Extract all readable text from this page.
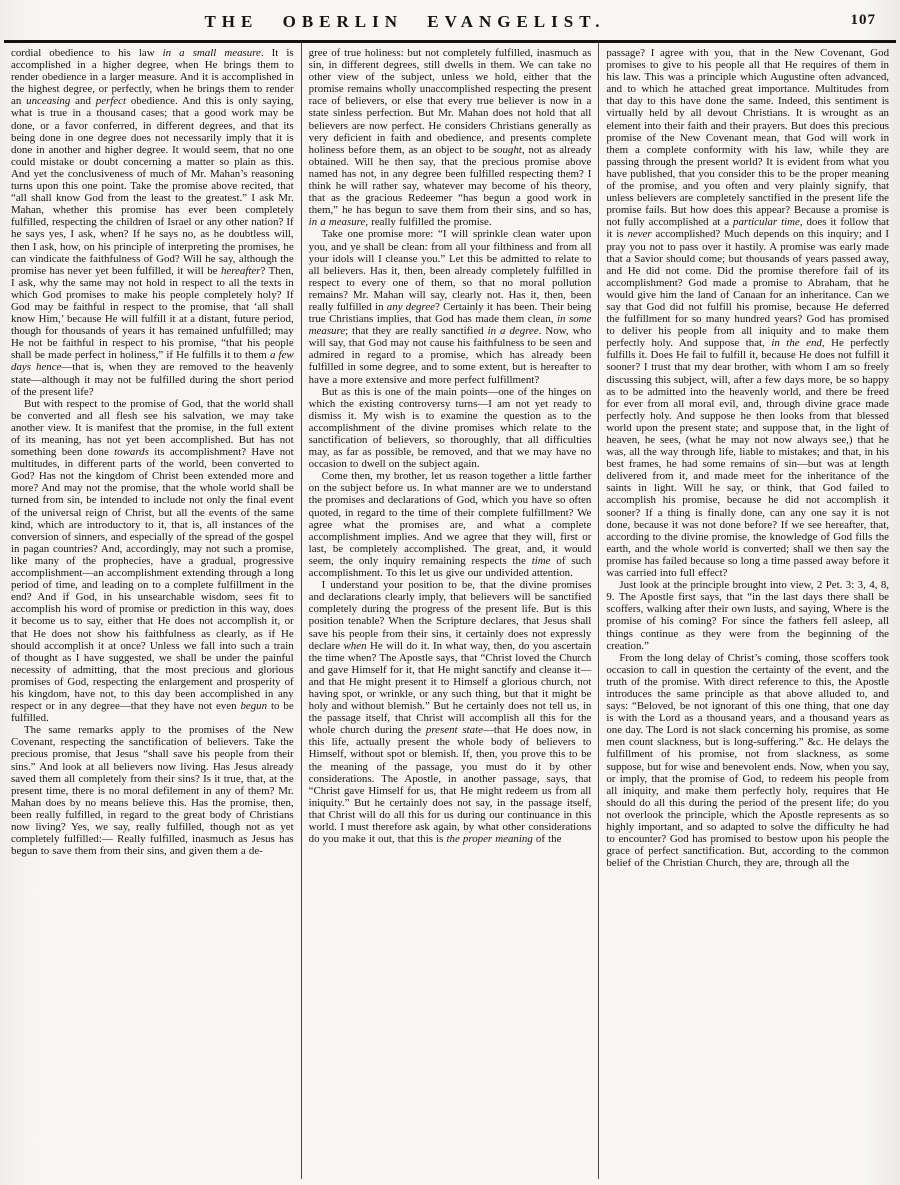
THE OBERLIN EVANGELIST.	107

cordial obedience to his law in a small measure. It is accomplished in a higher degree, when He brings them to render obedience in a larger measure. And it is accomplished in the highest degree, or perfectly, when he brings them to render an unceasing and perfect obedience. And this is only saying, what is true in a thousand cases; that a good work may be done, or a favor conferred, in different degrees, and that its being done in one degree does not necessarily imply that it is done in another and higher degree. It would seem, that no one could mistake or doubt concerning a matter so plain as this. And yet the conclusiveness of much of Mr. Mahan’s reasoning turns upon this one point. Take the promise above recited, that “all shall know God from the least to the greatest.” I ask Mr. Mahan, whether this promise has ever been completely fulfilled, respecting the children of Israel or any other nation? If he says yes, I ask, when? If he says no, as he doubtless will, then I ask, how, on his principle of interpreting the promises, he can vindicate the faithfulness of God? Will he say, although the promise has never yet been fulfilled, it will be hereafter? Then, I ask, why the same may not hold in respect to all the texts in which God promises to make his people completely holy? If God may be faithful in respect to the promise, that ‘all shall know Him,’ because He will fulfill it at a distant, future period, though for thousands of years it has remained unfulfilled; may He not be faithful in respect to his promise, “that his people shall be made perfect in holiness,” if He fulfills it to them a few days hence—that is, when they are removed to the heavenly state—although it may not be fulfilled during the short period of the present life?

But with respect to the promise of God, that the world shall be converted and all flesh see his salvation, we may take another view. It is manifest that the promise, in the full extent of its meaning, has not yet been accomplished. But has not something been done towards its accomplishment? Have not multitudes, in different parts of the world, been converted to God? Has not the kingdom of Christ been extended more and more? And may not the promise, that the whole world shall be turned from sin, be intended to include not only the final event of the universal reign of Christ, but all the events of the same kind, which are introductory to it, that is, all instances of the conversion of sinners, and especially of the spread of the gospel in pagan countries? And, accordingly, may not such a promise, like many of the prophecies, have a gradual, progressive accomplishment—an accomplishment extending through a long period of time, and leading on to a complete fulfillment in the end? And if God, in his unsearchable wisdom, sees fit to accomplish his word of promise or prediction in this way, does it become us to say, either that He does not accomplish it, or that He does not show his faithfulness as clearly, as if He should accomplish it at once? Unless we fall into such a train of thought as I have suggested, we shall be under the painful necessity of admitting, that the most precious and glorious promises of God, respecting the enlargement and prosperity of his kingdom, have not, to this day been accomplished in any respect or in any degree—that they have not even begun to be fulfilled.

The same remarks apply to the promises of the New Covenant, respecting the sanctification of believers. Take the precious promise, that Jesus “shall save his people from their sins.” And look at all believers now living. Has Jesus already saved them all completely from their sins? Is it true, that, at the present time, there is no moral defilement in any of them? Mr. Mahan does by no means believe this. Has the promise, then, been really fulfilled, in regard to the great body of Christians now living? Yes, we say, really fulfilled, though not as yet completely fulfilled:— Really fulfilled, inasmuch as Jesus has begun to save them from their sins, and given them a de-

gree of true holiness: but not completely fulfilled, inasmuch as sin, in different degrees, still dwells in them. We can take no other view of the subject, unless we hold, either that the promise remains wholly unaccomplished respecting the present race of believers, or else that every true believer is now in a state sinless perfection. But Mr. Mahan does not hold that all believers are now perfect. He considers Christians generally as very deficient in faith and obedience, and presents complete holiness before them, as an object to be sought, not as already obtained. Will he then say, that the precious promise above named has not, in any degree been fulfilled respecting them? I think he will rather say, whatever may become of his theory, that as the gracious Redeemer “has begun a good work in them,” he has begun to save them from their sins, and so has, in a measure, really fulfilled the promise.

Take one promise more: “I will sprinkle clean water upon you, and ye shall be clean: from all your filthiness and from all your idols will I cleanse you.” Let this be admitted to relate to all believers. Has it, then, been already completely fulfilled in respect to every one of them, so that no moral pollution remains? Mr. Mahan will say, clearly not. Has it, then, been really fulfilled in any degree? Certainly it has been. Their being true Christians implies, that God has made them clean, in some measure; that they are really sanctified in a degree. Now, who will say, that God may not cause his faithfulness to be seen and admired in regard to a promise, which has already been fulfilled in some degree, and to some extent, but is hereafter to have a more extensive and more perfect fulfillment?

But as this is one of the main points—one of the hinges on which the existing controversy turns—I am not yet ready to dismiss it. My wish is to examine the question as to the accomplishment of the divine promises which relate to the sanctification of believers, so thoroughly, that all difficulties may, as far as possible, be removed, and that we may have no occasion to dwell on the subject again.

Come then, my brother, let us reason together a little farther on the subject before us. In what manner are we to understand the promises and declarations of God, which you have so often quoted, in regard to the time of their complete fulfillment? We agree what the promises are, and what a complete accomplishment implies. And we agree that they will, first or last, be completely accomplished. The great, and, it would seem, the only inquiry remaining respects the time of such accomplishment. To this let us give our undivided attention.

I understand your position to be, that the divine promises and declarations clearly imply, that believers will be sanctified completely during the progress of the present life. But is this position tenable? When the Scripture declares, that Jesus shall save his people from their sins, it certainly does not expressly declare when He will do it. In what way, then, do you ascertain the time when? The Apostle says, that “Christ loved the Church and gave Himself for it, that He might sanctify and cleanse it—and that He might present it to Himself a glorious church, not having spot, or wrinkle, or any such thing, but that it might be holy and without blemish.” But he certainly does not tell us, in the passage itself, that Christ will accomplish all this for the whole church during the present state—that He does now, in this life, actually present the whole body of believers to Himself, without spot or blemish. If, then, you prove this to be the meaning of the passage, you must do it by other considerations. The Apostle, in another passage, says, that “Christ gave Himself for us, that He might redeem us from all iniquity.” But he certainly does not say, in the passage itself, that Christ will do all this for us during our continuance in this world. I must therefore ask again, by what other considerations do you make it out, that this is the proper meaning of the

passage? I agree with you, that in the New Covenant, God promises to give to his people all that He requires of them in his law. This was a principle which Augustine often advanced, and to which he attached great importance. Multitudes from that day to this have done the same. Indeed, this sentiment is virtually held by all devout Christians. It is wrought as an element into their faith and their prayers. But does this precious promise of the New Covenant mean, that God will work in them a complete conformity with his law, while they are passing through the present world? It is evident from what you have published, that you consider this to be the proper meaning of the promise, and you often and very plainly signify, that unless believers are completely sanctified in the present life the promise fails. But how does this appear? Because a promise is not fully accomplished at a particular time, does it follow that it is never accomplished? Much depends on this inquiry; and I pray you not to pass over it hastily. A promise was early made that a Savior should come; but thousands of years passed away, and He did not come. Did the promise therefore fail of its accomplishment? God made a promise to Abraham, that he would give him the land of Canaan for an inheritance. Can we say that God did not fulfill his promise, because He deferred the fulfillment for so many hundred years? God has promised to deliver his people from all iniquity and to make them perfectly holy. And suppose that, in the end, He perfectly fulfills it. Does He fail to fulfill it, because He does not fulfill it sooner? I trust that my dear brother, with whom I am so freely discussing this subject, will, after a few days more, be so happy as to be admitted into the heavenly world, and there be freed for ever from all moral evil, and, through divine grace made perfectly holy. And suppose he then looks from that blessed world upon the present state; and suppose that, in the light of heaven, he sees, (what he may not now always see,) that he was, all the way through life, liable to mistakes; and that, in his best frames, he had some remains of sin—but was at length delivered from it, and made meet for the inheritance of the saints in light. Will he say, or think, that God failed to accomplish his promise, because he did not accomplish it sooner? If a thing is finally done, can any one say it is not done, because it was not done before? If we see hereafter, that, according to the divine promise, the knowledge of God fills the earth, and the whole world is converted; shall we then say the promise has failed because so long a time passed away before it was carried into full effect?

Just look at the principle brought into view, 2 Pet. 3: 3, 4, 8, 9. The Apostle first says, that “in the last days there shall be scoffers, walking after their own lusts, and saying, Where is the promise of his coming? For since the fathers fell asleep, all things continue as they were from the beginning of the creation.”

From the long delay of Christ’s coming, those scoffers took occasion to call in question the certainty of the event, and the truth of the promise. With direct reference to this, the Apostle introduces the same principle as that above alluded to, and says: “Beloved, be not ignorant of this one thing, that one day is with the Lord as a thousand years, and a thousand years as one day. The Lord is not slack concerning his promise, as some men count slackness, but is long-suffering.” &c. He delays the fulfillment of his promise, not from slackness, as some suppose, but for wise and benevolent ends. Now, when you say, or imply, that the promise of God, to redeem his people from all iniquity, and make them perfectly holy, requires that He should do all this during the period of the present life; do you not overlook the principle, which the Apostle represents as so highly important, and so adapted to solve the difficulty he had to encounter? God has promised to bestow upon his people the grace of perfect sanctification. But, according to the common belief of the Christian Church, they are, through all the
